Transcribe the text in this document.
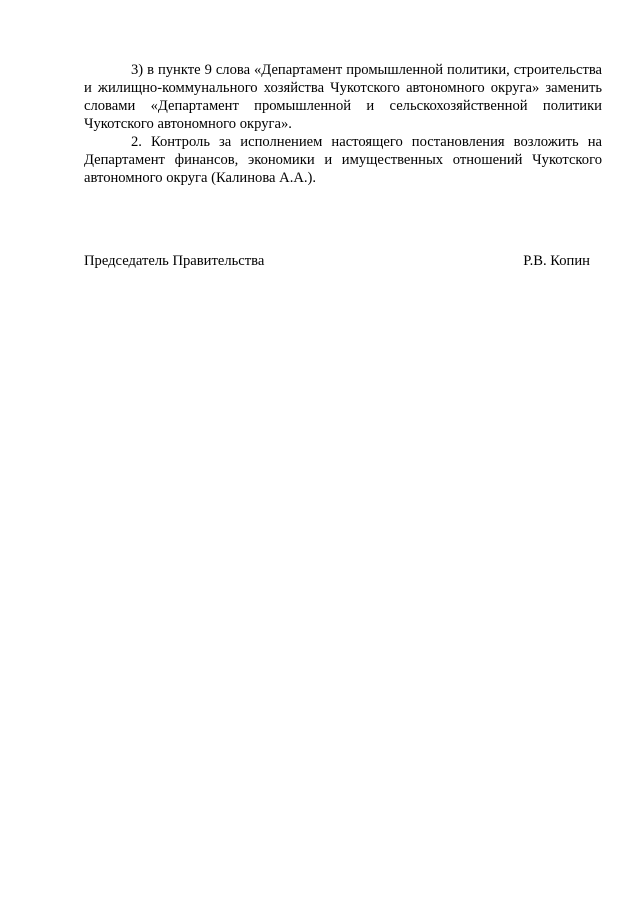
3) в пункте 9 слова «Департамент промышленной политики, строительства и жилищно-коммунального хозяйства Чукотского автономного округа» заменить словами «Департамент промышленной и сельскохозяйственной политики Чукотского автономного округа».

2. Контроль за исполнением настоящего постановления возложить на Департамент финансов, экономики и имущественных отношений Чукотского автономного округа (Калинова А.А.).

Председатель Правительства	Р.В. Копин
